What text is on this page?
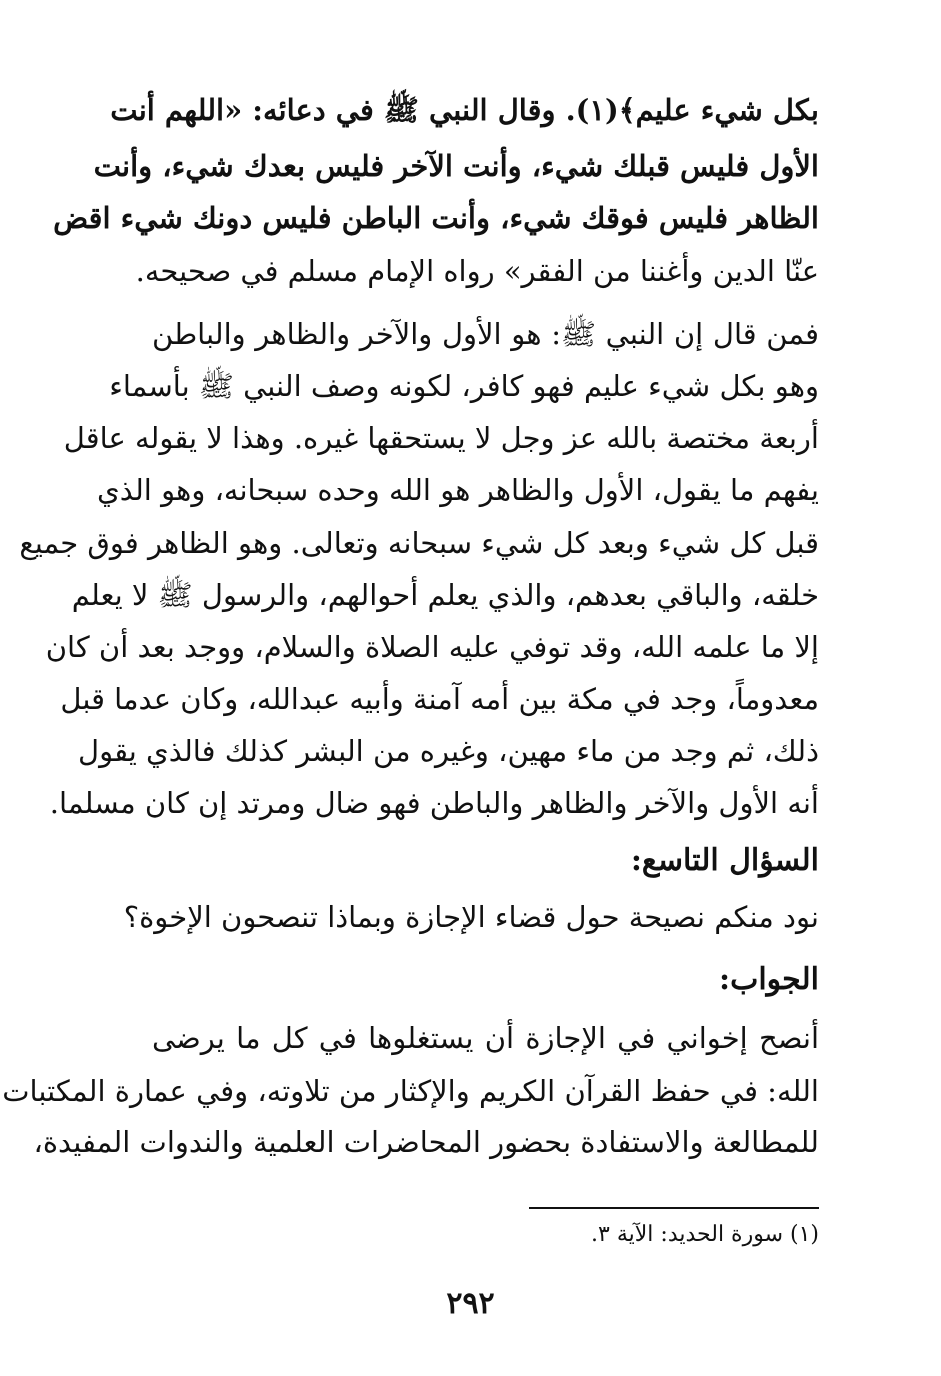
بكل شيء عليم﴾(١). وقال النبي ﷺ في دعائه: «اللهم أنت
الأول فليس قبلك شيء، وأنت الآخر فليس بعدك شيء، وأنت
الظاهر فليس فوقك شيء، وأنت الباطن فليس دونك شيء اقض
عنّا الدين وأغننا من الفقر» رواه الإمام مسلم في صحيحه.
فمن قال إن النبي ﷺ: هو الأول والآخر والظاهر والباطن
وهو بكل شيء عليم فهو كافر، لكونه وصف النبي ﷺ بأسماء
أربعة مختصة بالله عز وجل لا يستحقها غيره. وهذا لا يقوله عاقل
يفهم ما يقول، الأول والظاهر هو الله وحده سبحانه، وهو الذي
قبل كل شيء وبعد كل شيء سبحانه وتعالى. وهو الظاهر فوق جميع
خلقه، والباقي بعدهم، والذي يعلم أحوالهم، والرسول ﷺ لا يعلم
إلا ما علمه الله، وقد توفي عليه الصلاة والسلام، ووجد بعد أن كان
معدوماً، وجد في مكة بين أمه آمنة وأبيه عبدالله، وكان عدما قبل
ذلك، ثم وجد من ماء مهين، وغيره من البشر كذلك فالذي يقول
أنه الأول والآخر والظاهر والباطن فهو ضال ومرتد إن كان مسلما.
السؤال التاسع:
نود منكم نصيحة حول قضاء الإجازة وبماذا تنصحون الإخوة؟
الجواب:
أنصح إخواني في الإجازة أن يستغلوها في كل ما يرضى
الله: في حفظ القرآن الكريم والإكثار من تلاوته، وفي عمارة المكتبات
للمطالعة والاستفادة بحضور المحاضرات العلمية والندوات المفيدة،
(١) سورة الحديد: الآية ٣.
٢٩٢
